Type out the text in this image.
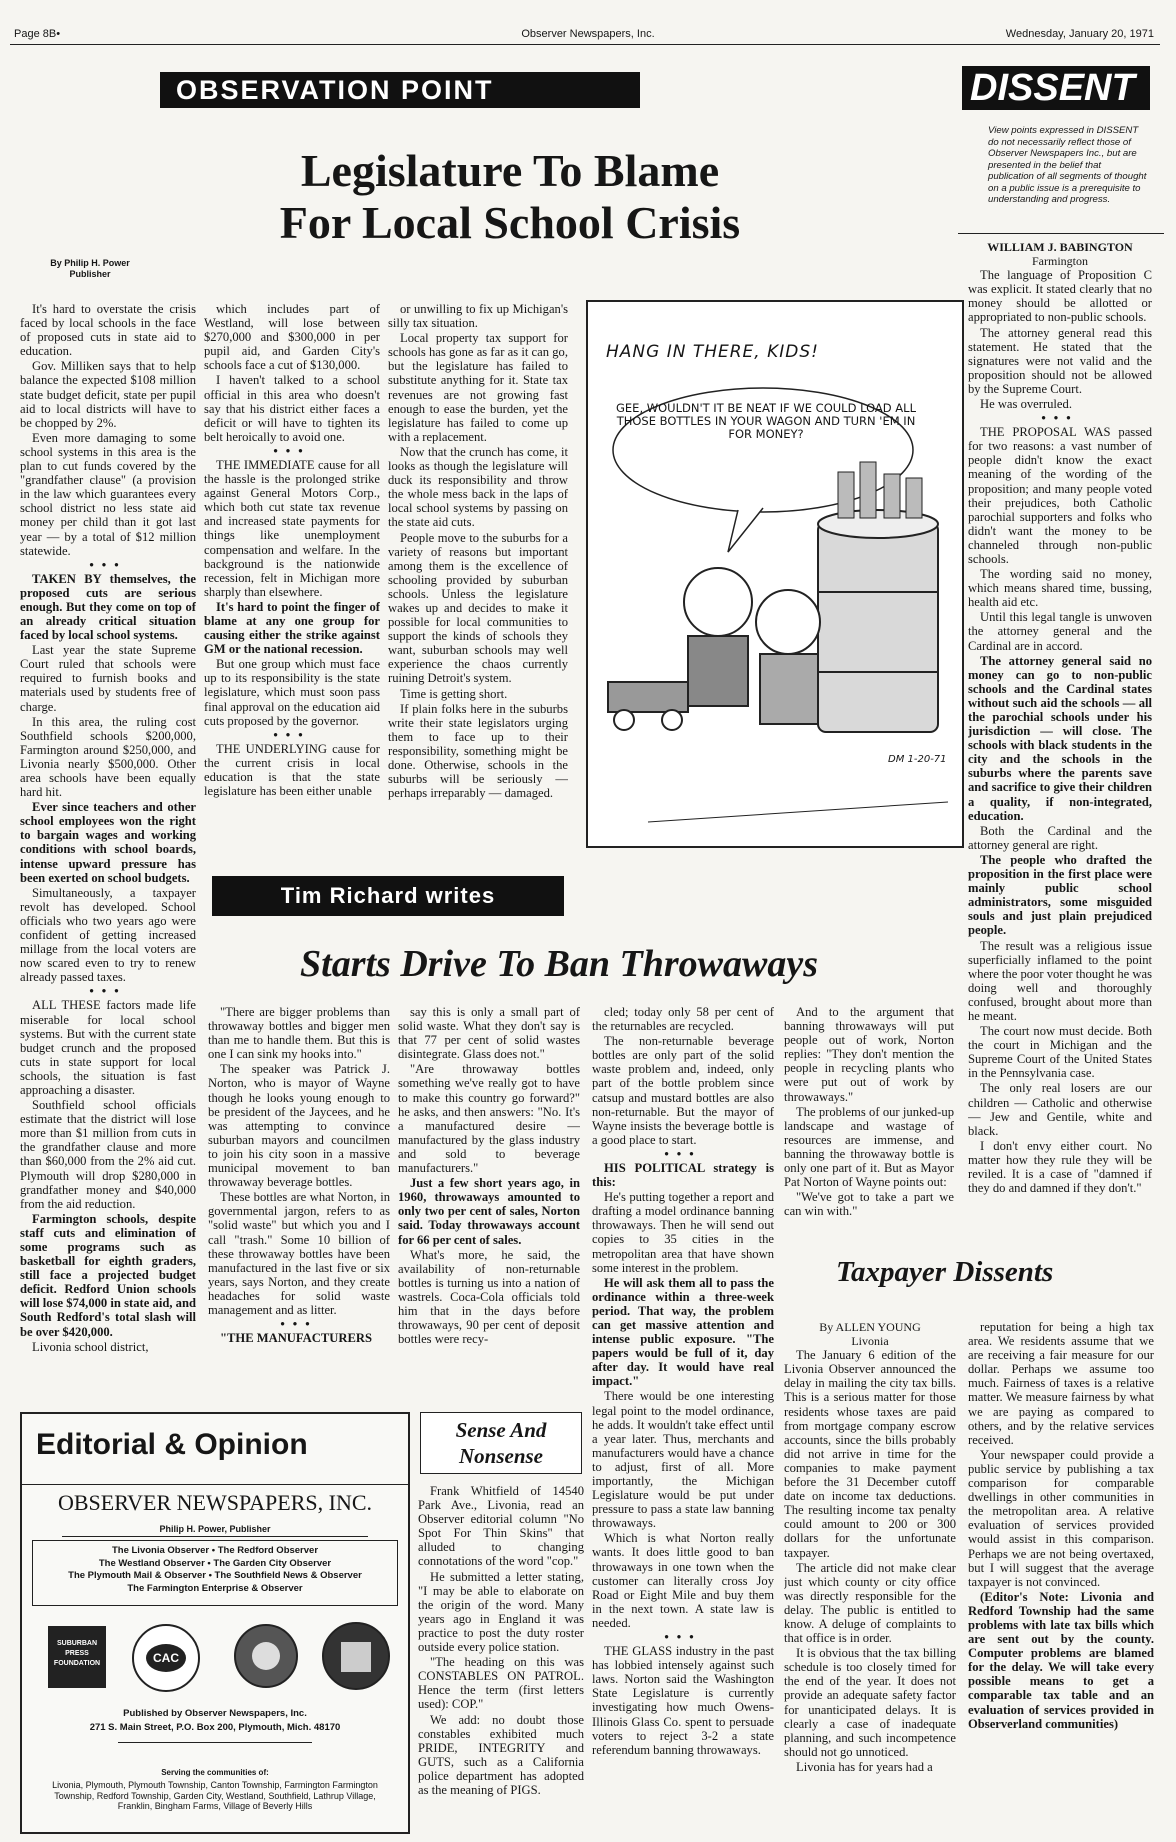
Page 8B•	Observer Newspapers, Inc.	Wednesday, January 20, 1971
OBSERVATION POINT
Legislature To Blame
For Local School Crisis
By Philip H. Power
Publisher

It's hard to overstate the crisis faced by local schools in the face of proposed cuts in state aid to education.

Gov. Milliken says that to help balance the expected $108 million state budget deficit, state per pupil aid to local districts will have to be chopped by 2%.

Even more damaging to some school systems in this area is the plan to cut funds covered by the "grandfather clause" (a provision in the law which guarantees every school district no less state aid money per child than it got last year — by a total of $12 million statewide.

•••

TAKEN BY themselves, the proposed cuts are serious enough. But they come on top of an already critical situation faced by local school systems.

Last year the state Supreme Court ruled that schools were required to furnish books and materials used by students free of charge.

In this area, the ruling cost Southfield schools $200,000, Farmington around $250,000, and Livonia nearly $500,000. Other area schools have been equally hard hit.

Ever since teachers and other school employees won the right to bargain wages and working conditions with school boards, intense upward pressure has been exerted on school budgets.

Simultaneously, a taxpayer revolt has developed. School officials who two years ago were confident of getting increased millage from the local voters are now scared even to try to renew already passed taxes.

•••

ALL THESE factors made life miserable for local school systems. But with the current state budget crunch and the proposed cuts in state support for local schools, the situation is fast approaching a disaster.

Southfield school officials estimate that the district will lose more than $1 million from cuts in the grandfather clause and more than $60,000 from the 2% aid cut. Plymouth will drop $280,000 in grandfather money and $40,000 from the aid reduction.

Farmington schools, despite staff cuts and elimination of some programs such as basketball for eighth graders, still face a projected budget deficit. Redford Union schools will lose $74,000 in state aid, and South Redford's total slash will be over $420,000.

Livonia school district,

which includes part of Westland, will lose between $270,000 and $300,000 in per pupil aid, and Garden City's schools face a cut of $130,000.

I haven't talked to a school official in this area who doesn't say that his district either faces a deficit or will have to tighten its belt heroically to avoid one.

•••

THE IMMEDIATE cause for all the hassle is the prolonged strike against General Motors Corp., which both cut state tax revenue and increased state payments for things like unemployment compensation and welfare. In the background is the nationwide recession, felt in Michigan more sharply than elsewhere.

It's hard to point the finger of blame at any one group for causing either the strike against GM or the national recession.

But one group which must face up to its responsibility is the state legislature, which must soon pass final approval on the education aid cuts proposed by the governor.

•••

THE UNDERLYING cause for the current crisis in local education is that the state legislature has been either unable

or unwilling to fix up Michigan's silly tax situation.

Local property tax support for schools has gone as far as it can go, but the legislature has failed to substitute anything for it. State tax revenues are not growing fast enough to ease the burden, yet the legislature has failed to come up with a replacement.

Now that the crunch has come, it looks as though the legislature will duck its responsibility and throw the whole mess back in the laps of local school systems by passing on the state aid cuts.

People move to the suburbs for a variety of reasons but important among them is the excellence of schooling provided by suburban schools. Unless the legislature wakes up and decides to make it possible for local communities to support the kinds of schools they want, suburban schools may well experience the chaos currently ruining Detroit's system.

Time is getting short.

If plain folks here in the suburbs write their state legislators urging them to face up to their responsibility, something might be done. Otherwise, schools in the suburbs will be seriously — perhaps irreparably — damaged.

HANG IN THERE, KIDS!
GEE, WOULDN'T IT BE NEAT IF WE COULD LOAD ALL THOSE BOTTLES IN YOUR WAGON AND TURN 'EM IN FOR MONEY?
DM 1-20-71
DISSENT
View points expressed in DISSENT do not necessarily reflect those of Observer Newspapers Inc., but are presented in the belief that publication of all segments of thought on a public issue is a prerequisite to understanding and progress.
WILLIAM J. BABINGTON
Farmington

The language of Proposition C was explicit. It stated clearly that no money should be allotted or appropriated to non-public schools.

The attorney general read this statement. He stated that the signatures were not valid and the proposition should not be allowed by the Supreme Court.

He was overruled.

•••

THE PROPOSAL WAS passed for two reasons: a vast number of people didn't know the exact meaning of the wording of the proposition; and many people voted their prejudices, both Catholic parochial supporters and folks who didn't want the money to be channeled through non-public schools.

The wording said no money, which means shared time, bussing, health aid etc.

Until this legal tangle is unwoven the attorney general and the Cardinal are in accord.

The attorney general said no money can go to non-public schools and the Cardinal states without such aid the schools — all the parochial schools under his jurisdiction — will close. The schools with black students in the city and the schools in the suburbs where the parents save and sacrifice to give their children a quality, if non-integrated, education.

Both the Cardinal and the attorney general are right.

The people who drafted the proposition in the first place were mainly public school administrators, some misguided souls and just plain prejudiced people.

The result was a religious issue superficially inflamed to the point where the poor voter thought he was doing well and thoroughly confused, brought about more than he meant.

The court now must decide. Both the court in Michigan and the Supreme Court of the United States in the Pennsylvania case.

The only real losers are our children — Catholic and otherwise — Jew and Gentile, white and black.

I don't envy either court. No matter how they rule they will be reviled. It is a case of "damned if they do and damned if they don't."

Tim Richard writes
Starts Drive To Ban Throwaways

"There are bigger problems than throwaway bottles and bigger men than me to handle them. But this is one I can sink my hooks into."

The speaker was Patrick J. Norton, who is mayor of Wayne though he looks young enough to be president of the Jaycees, and he was attempting to convince suburban mayors and councilmen to join his city soon in a massive municipal movement to ban throwaway beverage bottles.

These bottles are what Norton, in governmental jargon, refers to as "solid waste" but which you and I call "trash." Some 10 billion of these throwaway bottles have been manufactured in the last five or six years, says Norton, and they create headaches for solid waste management and as litter.

•••

"THE MANUFACTURERS

say this is only a small part of solid waste. What they don't say is that 77 per cent of solid wastes disintegrate. Glass does not."

"Are throwaway bottles something we've really got to have to make this country go forward?" he asks, and then answers: "No. It's a manufactured desire — manufactured by the glass industry and sold to beverage manufacturers."

Just a few short years ago, in 1960, throwaways amounted to only two per cent of sales, Norton said. Today throwaways account for 66 per cent of sales.

What's more, he said, the availability of non-returnable bottles is turning us into a nation of wastrels. Coca-Cola officials told him that in the days before throwaways, 90 per cent of deposit bottles were recy-

cled; today only 58 per cent of the returnables are recycled.

The non-returnable beverage bottles are only part of the solid waste problem and, indeed, only part of the bottle problem since catsup and mustard bottles are also non-returnable. But the mayor of Wayne insists the beverage bottle is a good place to start.

•••

HIS POLITICAL strategy is this:

He's putting together a report and drafting a model ordinance banning throwaways. Then he will send out copies to 35 cities in the metropolitan area that have shown some interest in the problem.

He will ask them all to pass the ordinance within a three-week period. That way, the problem can get massive attention and intense public exposure. "The papers would be full of it, day after day. It would have real impact."

There would be one interesting legal point to the model ordinance, he adds. It wouldn't take effect until a year later. Thus, merchants and manufacturers would have a chance to adjust, first of all. More importantly, the Michigan Legislature would be put under pressure to pass a state law banning throwaways.

Which is what Norton really wants. It does little good to ban throwaways in one town when the customer can literally cross Joy Road or Eight Mile and buy them in the next town. A state law is needed.

•••

THE GLASS industry in the past has lobbied intensely against such laws. Norton said the Washington State Legislature is currently investigating how much Owens-Illinois Glass Co. spent to persuade voters to reject 3-2 a state referendum banning throwaways.

And to the argument that banning throwaways will put people out of work, Norton replies: "They don't mention the people in recycling plants who were put out of work by throwaways."

The problems of our junked-up landscape and wastage of resources are immense, and banning the throwaway bottle is only one part of it. But as Mayor Pat Norton of Wayne points out:

"We've got to take a part we can win with."

Taxpayer Dissents
By ALLEN YOUNG
Livonia

The January 6 edition of the Livonia Observer announced the delay in mailing the city tax bills. This is a serious matter for those residents whose taxes are paid from mortgage company escrow accounts, since the bills probably did not arrive in time for the companies to make payment before the 31 December cutoff date on income tax deductions. The resulting income tax penalty could amount to 200 or 300 dollars for the unfortunate taxpayer.

The article did not make clear just which county or city office was directly responsible for the delay. The public is entitled to know. A deluge of complaints to that office is in order.

It is obvious that the tax billing schedule is too closely timed for the end of the year. It does not provide an adequate safety factor for unanticipated delays. It is clearly a case of inadequate planning, and such incompetence should not go unnoticed.

Livonia has for years had a

reputation for being a high tax area. We residents assume that we are receiving a fair measure for our dollar. Perhaps we assume too much. Fairness of taxes is a relative matter. We measure fairness by what we are paying as compared to others, and by the relative services received.

Your newspaper could provide a public service by publishing a tax comparison for comparable dwellings in other communities in the metropolitan area. A relative evaluation of services provided would assist in this comparison. Perhaps we are not being overtaxed, but I will suggest that the average taxpayer is not convinced.

(Editor's Note: Livonia and Redford Township had the same problems with late tax bills which are sent out by the county. Computer problems are blamed for the delay. We will take every possible means to get a comparable tax table and an evaluation of services provided in Observerland communities)

Editorial & Opinion
OBSERVER NEWSPAPERS, INC.
Philip H. Power, Publisher
The Livonia Observer • The Redford Observer
The Westland Observer • The Garden City Observer
The Plymouth Mail & Observer • The Southfield News & Observer
The Farmington Enterprise & Observer
SUBURBAN PRESS FOUNDATION	CAC
Published by Observer Newspapers, Inc.
271 S. Main Street, P.O. Box 200, Plymouth, Mich. 48170
Serving the communities of:
Livonia, Plymouth, Plymouth Township, Canton Township, Farmington Farmington Township, Redford Township, Garden City, Westland, Southfield, Lathrup Village, Franklin, Bingham Farms, Village of Beverly Hills
Sense And
Nonsense

Frank Whitfield of 14540 Park Ave., Livonia, read an Observer editorial column "No Spot For Thin Skins" that alluded to changing connotations of the word "cop."

He submitted a letter stating, "I may be able to elaborate on the origin of the word. Many years ago in England it was practice to post the duty roster outside every police station.

"The heading on this was CONSTABLES ON PATROL. Hence the term (first letters used): COP."

We add: no doubt those constables exhibited much PRIDE, INTEGRITY and GUTS, such as a California police department has adopted as the meaning of PIGS.
